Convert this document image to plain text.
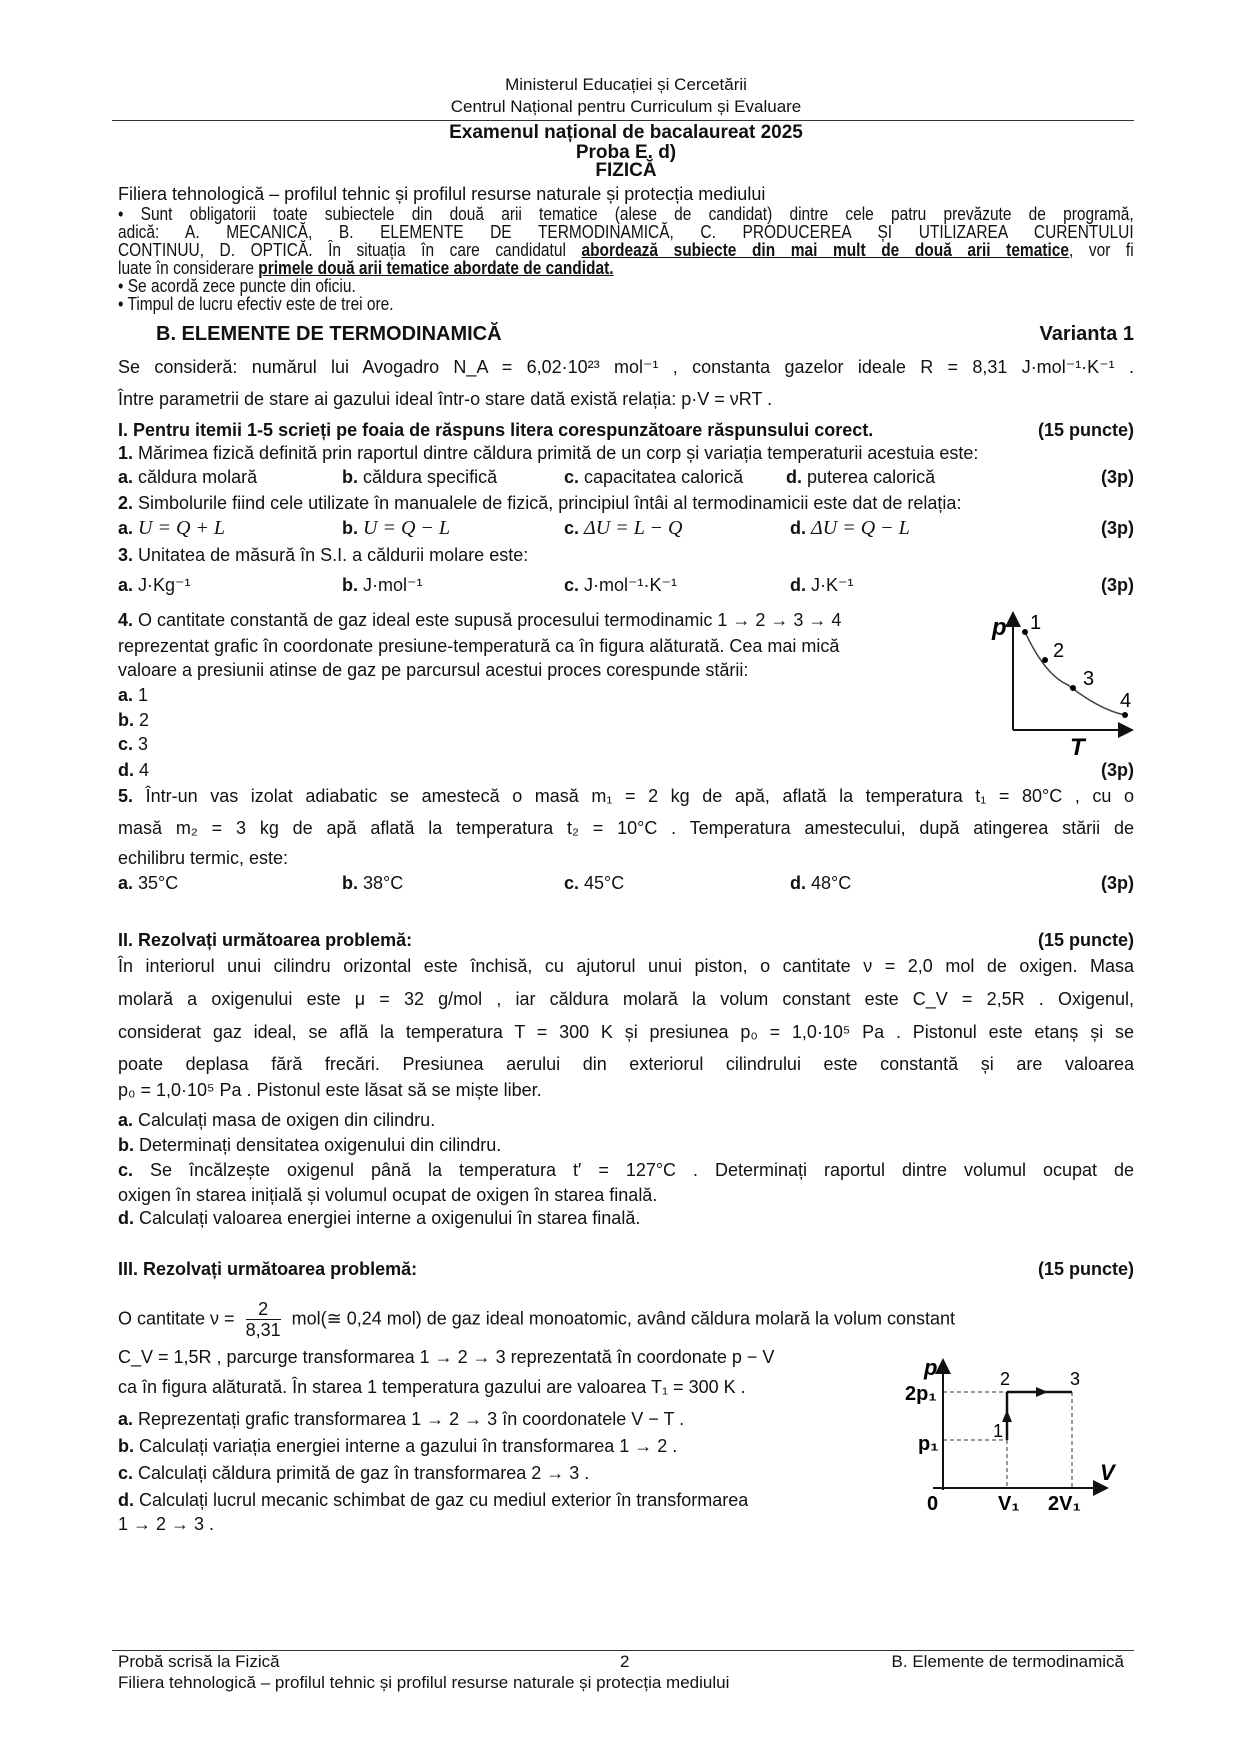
Ministerul Educației și Cercetării
Centrul Național pentru Curriculum și Evaluare
Examenul național de bacalaureat 2025
Proba E. d)
FIZICĂ
Filiera tehnologică – profilul tehnic și profilul resurse naturale și protecția mediului
• Sunt obligatorii toate subiectele din două arii tematice (alese de candidat) dintre cele patru prevăzute de programă,
adică: A. MECANICĂ, B. ELEMENTE DE TERMODINAMICĂ, C. PRODUCEREA ȘI UTILIZAREA CURENTULUI
CONTINUU, D. OPTICĂ. În situația în care candidatul abordează subiecte din mai mult de două arii tematice, vor fi
luate în considerare primele două arii tematice abordate de candidat.
• Se acordă zece puncte din oficiu.
• Timpul de lucru efectiv este de trei ore.
B. ELEMENTE DE TERMODINAMICĂ	Varianta 1
Se consideră: numărul lui Avogadro N_A = 6,02·10²³ mol⁻¹ , constanta gazelor ideale R = 8,31 J·mol⁻¹·K⁻¹ .
Între parametrii de stare ai gazului ideal într-o stare dată există relația: p·V = νRT .
I. Pentru itemii 1-5 scrieți pe foaia de răspuns litera corespunzătoare răspunsului corect.	(15 puncte)
1. Mărimea fizică definită prin raportul dintre căldura primită de un corp și variația temperaturii acestuia este:
a. căldura molară	b. căldura specifică	c. capacitatea calorică d. puterea calorică	(3p)
2. Simbolurile fiind cele utilizate în manualele de fizică, principiul întâi al termodinamicii este dat de relația:
a. U = Q + L	b. U = Q − L	c. ΔU = L − Q	d. ΔU = Q − L	(3p)
3. Unitatea de măsură în S.I. a căldurii molare este:
a. J·Kg⁻¹	b. J·mol⁻¹	c. J·mol⁻¹·K⁻¹	d. J·K⁻¹	(3p)
4. O cantitate constantă de gaz ideal este supusă procesului termodinamic 1 → 2 → 3 → 4
reprezentat grafic în coordonate presiune-temperatură ca în figura alăturată. Cea mai mică
valoare a presiunii atinse de gaz pe parcursul acestui proces corespunde stării:
a. 1
b. 2
c. 3
d. 4	(3p)
p
T
1
2
3
4
5. Într-un vas izolat adiabatic se amestecă o masă m₁ = 2 kg de apă, aflată la temperatura t₁ = 80°C , cu o
masă m₂ = 3 kg de apă aflată la temperatura t₂ = 10°C . Temperatura amestecului, după atingerea stării de
echilibru termic, este:
a. 35°C	b. 38°C	c. 45°C	d. 48°C	(3p)
II. Rezolvați următoarea problemă:	(15 puncte)
În interiorul unui cilindru orizontal este închisă, cu ajutorul unui piston, o cantitate ν = 2,0 mol de oxigen. Masa
molară a oxigenului este μ = 32 g/mol , iar căldura molară la volum constant este C_V = 2,5R . Oxigenul,
considerat gaz ideal, se află la temperatura T = 300 K și presiunea p₀ = 1,0·10⁵ Pa . Pistonul este etanș și se
poate deplasa fără frecări. Presiunea aerului din exteriorul cilindrului este constantă și are valoarea
p₀ = 1,0·10⁵ Pa . Pistonul este lăsat să se miște liber.
a. Calculați masa de oxigen din cilindru.
b. Determinați densitatea oxigenului din cilindru.
c. Se încălzește oxigenul până la temperatura t′ = 127°C . Determinați raportul dintre volumul ocupat de
oxigen în starea inițială și volumul ocupat de oxigen în starea finală.
d. Calculați valoarea energiei interne a oxigenului în starea finală.
III. Rezolvați următoarea problemă:	(15 puncte)
O cantitate $\nu = \frac{2}{8,31}$ mol(≅ 0,24 mol) de gaz ideal monoatomic, având căldura molară la volum constant
C_V = 1,5R , parcurge transformarea 1 → 2 → 3 reprezentată în coordonate p − V
ca în figura alăturată. În starea 1 temperatura gazului are valoarea T₁ = 300 K .
a. Reprezentați grafic transformarea 1 → 2 → 3 în coordonatele V − T .
b. Calculați variația energiei interne a gazului în transformarea 1 → 2 .
c. Calculați căldura primită de gaz în transformarea 2 → 3 .
d. Calculați lucrul mecanic schimbat de gaz cu mediul exterior în transformarea
1 → 2 → 3 .
p
V
2p₁
p₁
0	V₁ 2V₁
1
2	3
Probă scrisă la Fizică	2	B. Elemente de termodinamică
Filiera tehnologică – profilul tehnic și profilul resurse naturale și protecția mediului
